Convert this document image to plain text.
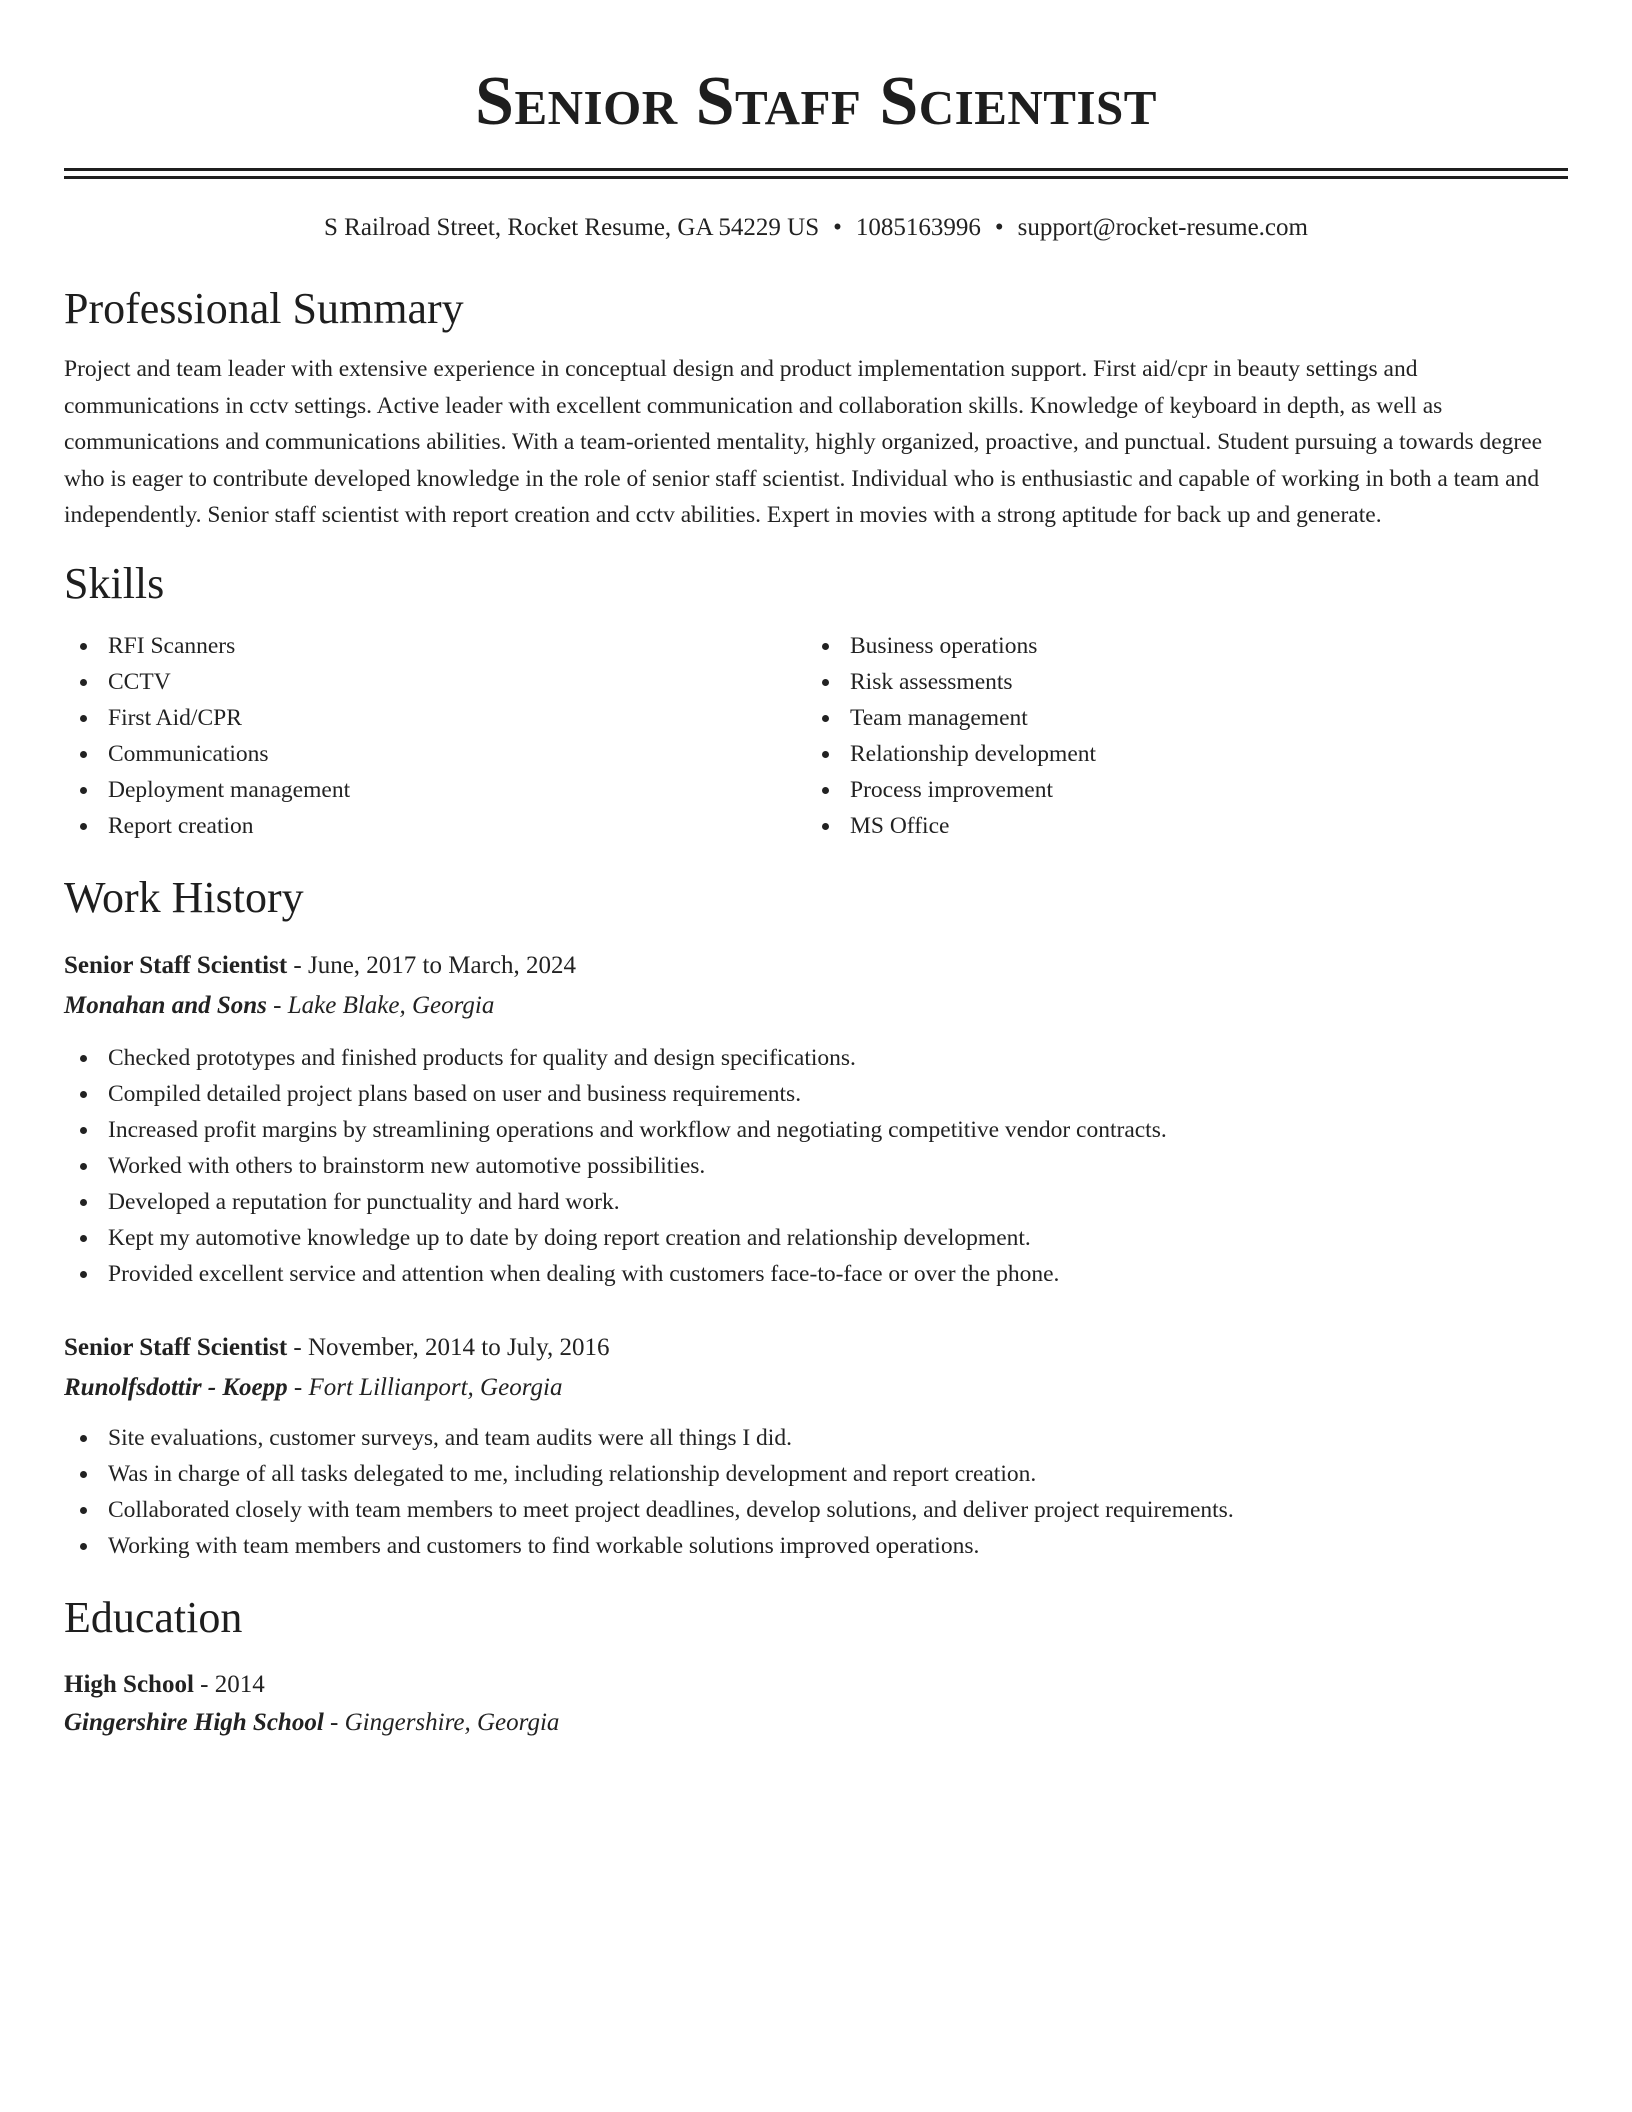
Senior Staff Scientist
S Railroad Street, Rocket Resume, GA 54229 US • 1085163996 • support@rocket-resume.com
Professional Summary

Project and team leader with extensive experience in conceptual design and product implementation support. First aid/cpr in beauty settings and communications in cctv settings. Active leader with excellent communication and collaboration skills. Knowledge of keyboard in depth, as well as communications and communications abilities. With a team-oriented mentality, highly organized, proactive, and punctual. Student pursuing a towards degree who is eager to contribute developed knowledge in the role of senior staff scientist. Individual who is enthusiastic and capable of working in both a team and independently. Senior staff scientist with report creation and cctv abilities. Expert in movies with a strong aptitude for back up and generate.

Skills
RFI Scanners
CCTV
First Aid/CPR
Communications
Deployment management
Report creation
Business operations
Risk assessments
Team management
Relationship development
Process improvement
MS Office
Work History
Senior Staff Scientist - June, 2017 to March, 2024
Monahan and Sons - Lake Blake, Georgia
Checked prototypes and finished products for quality and design specifications.
Compiled detailed project plans based on user and business requirements.
Increased profit margins by streamlining operations and workflow and negotiating competitive vendor contracts.
Worked with others to brainstorm new automotive possibilities.
Developed a reputation for punctuality and hard work.
Kept my automotive knowledge up to date by doing report creation and relationship development.
Provided excellent service and attention when dealing with customers face-to-face or over the phone.
Senior Staff Scientist - November, 2014 to July, 2016
Runolfsdottir - Koepp - Fort Lillianport, Georgia
Site evaluations, customer surveys, and team audits were all things I did.
Was in charge of all tasks delegated to me, including relationship development and report creation.
Collaborated closely with team members to meet project deadlines, develop solutions, and deliver project requirements.
Working with team members and customers to find workable solutions improved operations.
Education
High School - 2014
Gingershire High School - Gingershire, Georgia
